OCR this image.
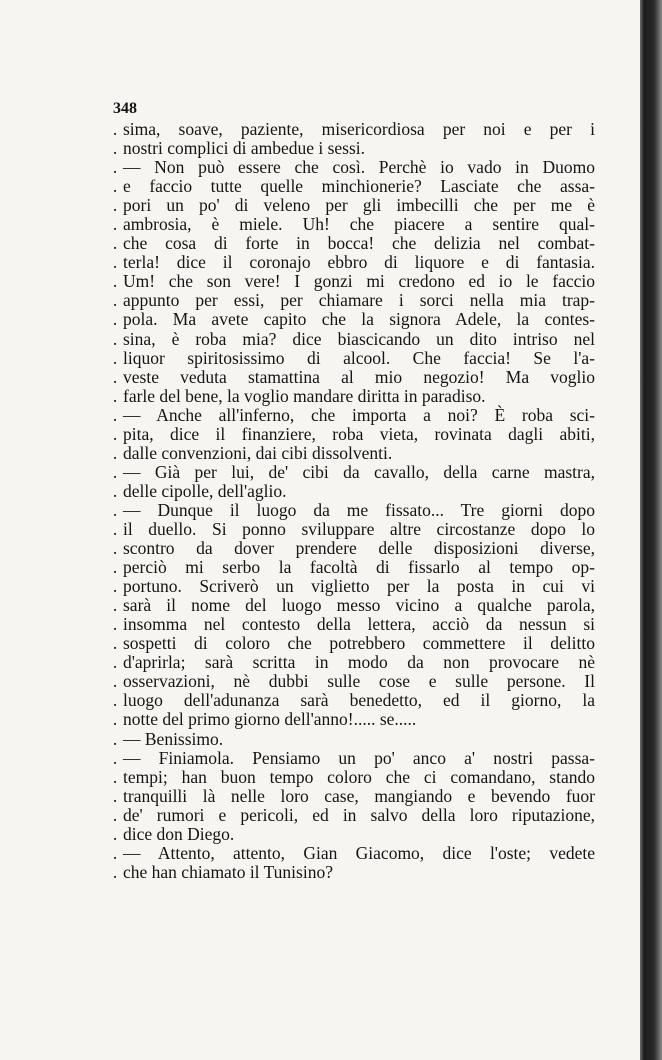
348
. sima, soave, paziente, misericordiosa per noi e per i
. nostri complici di ambedue i sessi.
. — Non può essere che così. Perchè io vado in Duomo
. e faccio tutte quelle minchionerie? Lasciate che assa-
. pori un po' di veleno per gli imbecilli che per me è
. ambrosia, è miele. Uh! che piacere a sentire qual-
. che cosa di forte in bocca! che delizia nel combat-
. terla! dice il coronajo ebbro di liquore e di fantasia.
. Um! che son vere! I gonzi mi credono ed io le faccio
. appunto per essi, per chiamare i sorci nella mia trap-
. pola. Ma avete capito che la signora Adele, la contes-
. sina, è roba mia? dice biascicando un dito intriso nel
. liquor spiritosissimo di alcool. Che faccia! Se l'a-
. veste veduta stamattina al mio negozio! Ma voglio
. farle del bene, la voglio mandare diritta in paradiso.
. — Anche all'inferno, che importa a noi? È roba sci-
. pita, dice il finanziere, roba vieta, rovinata dagli abiti,
. dalle convenzioni, dai cibi dissolventi.
. — Già per lui, de' cibi da cavallo, della carne mastra,
. delle cipolle, dell'aglio.
. — Dunque il luogo da me fissato... Tre giorni dopo
. il duello. Si ponno sviluppare altre circostanze dopo lo
. scontro da dover prendere delle disposizioni diverse,
. perciò mi serbo la facoltà di fissarlo al tempo op-
. portuno. Scriverò un viglietto per la posta in cui vi
. sarà il nome del luogo messo vicino a qualche parola,
. insomma nel contesto della lettera, acciò da nessun si
. sospetti di coloro che potrebbero commettere il delitto
. d'aprirla; sarà scritta in modo da non provocare nè
. osservazioni, nè dubbi sulle cose e sulle persone. Il
. luogo dell'adunanza sarà benedetto, ed il giorno, la
. notte del primo giorno dell'anno!..... se.....
. — Benissimo.
. — Finiamola. Pensiamo un po' anco a' nostri passa-
. tempi; han buon tempo coloro che ci comandano, stando
. tranquilli là nelle loro case, mangiando e bevendo fuor
. de' rumori e pericoli, ed in salvo della loro riputazione,
. dice don Diego.
. — Attento, attento, Gian Giacomo, dice l'oste; vedete
. che han chiamato il Tunisino?
